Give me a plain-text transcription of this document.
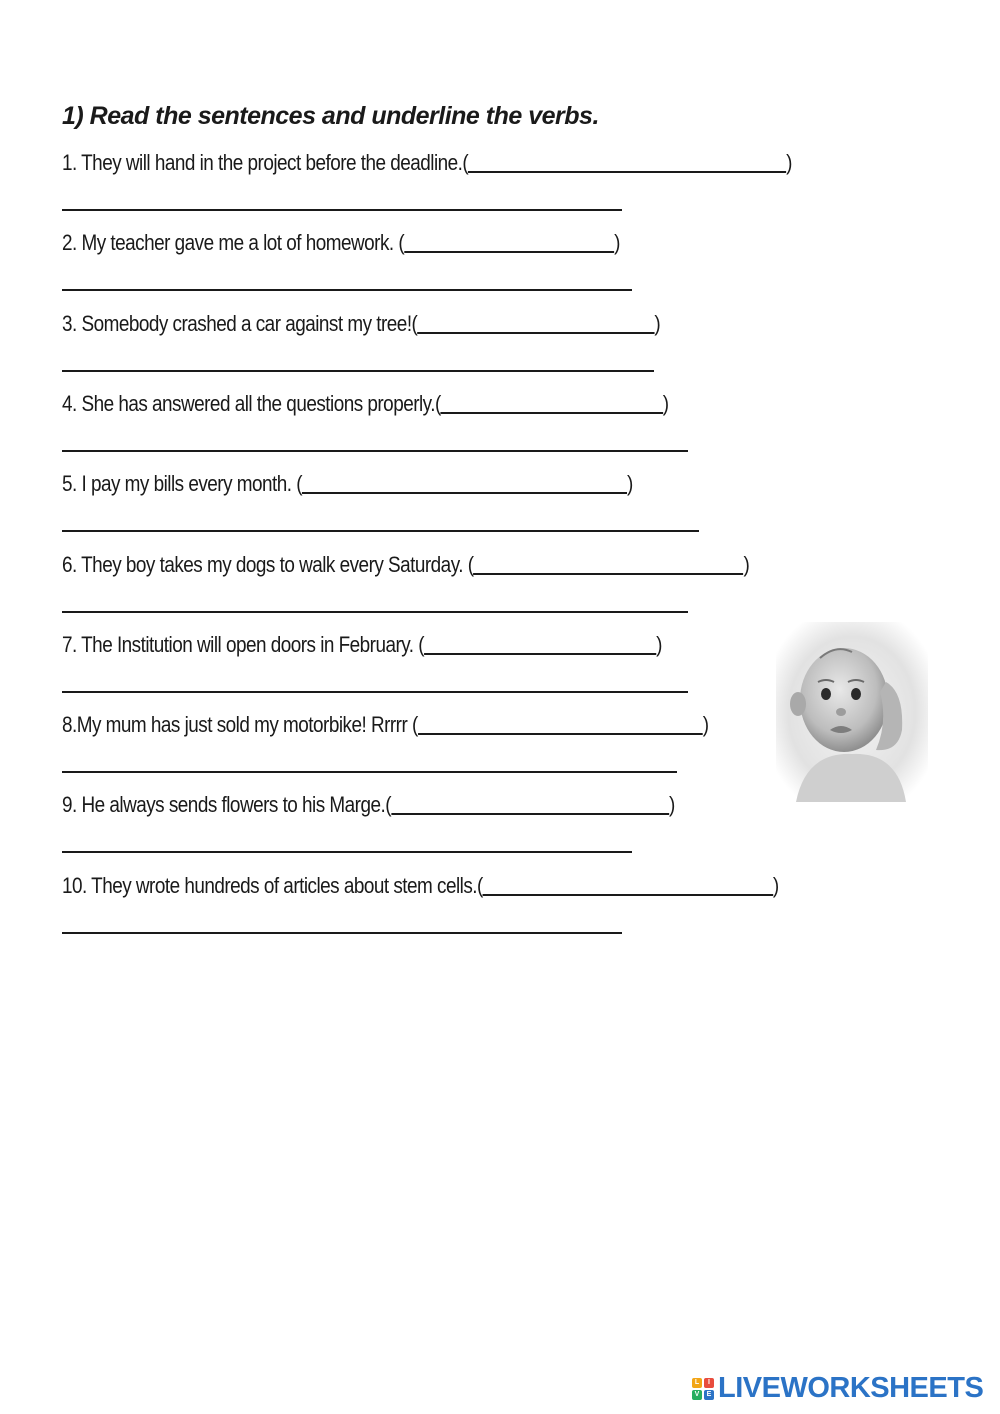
1) Read the sentences and underline the verbs.
1. They will hand in the project before the deadline.(	)
2. My teacher gave me a lot of homework. (	)
3. Somebody crashed a car against my tree!(	)
4. She has answered all the questions properly.(	)
5. I pay my bills every month. (	)
6. They boy takes my dogs to walk every Saturday. (	)
7. The Institution will open doors in February. (	)
8.My mum has just sold my motorbike! Rrrrr (	)
9. He always sends flowers to his Marge.(	)
10. They wrote hundreds of articles about stem cells.(	)
L	I
V	E LIVEWORKSHEETS
